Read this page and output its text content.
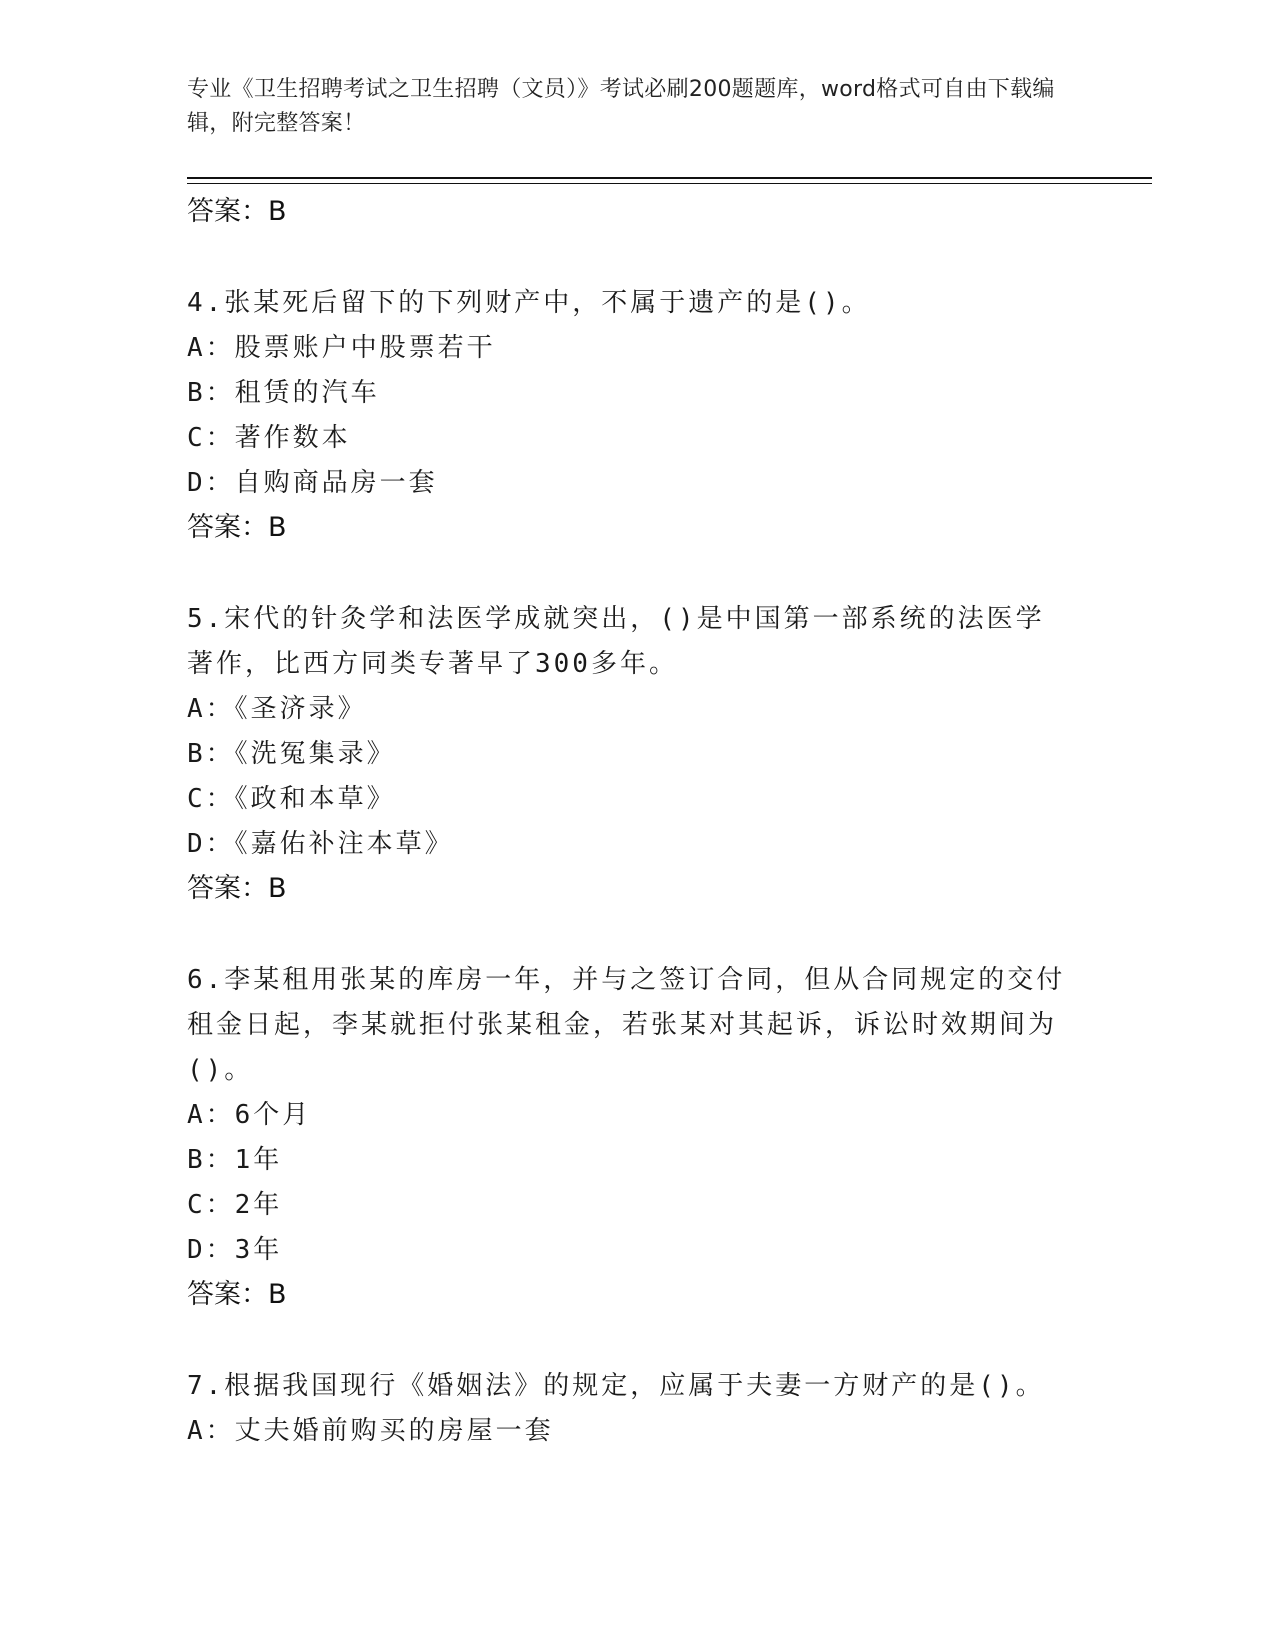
专业《卫生招聘考试之卫生招聘（文员）》考试必刷200题题库，word格式可自由下载编辑，附完整答案！
答案：B
4.张某死后留下的下列财产中，不属于遗产的是()。
A：股票账户中股票若干
B：租赁的汽车
C：著作数本
D：自购商品房一套
答案：B
5.宋代的针灸学和法医学成就突出，()是中国第一部系统的法医学著作，比西方同类专著早了300多年。
A：《圣济录》
B：《洗冤集录》
C：《政和本草》
D：《嘉佑补注本草》
答案：B
6.李某租用张某的库房一年，并与之签订合同，但从合同规定的交付租金日起，李某就拒付张某租金，若张某对其起诉，诉讼时效期间为()。
A：6个月
B：1年
C：2年
D：3年
答案：B
7.根据我国现行《婚姻法》的规定，应属于夫妻一方财产的是()。
A：丈夫婚前购买的房屋一套
